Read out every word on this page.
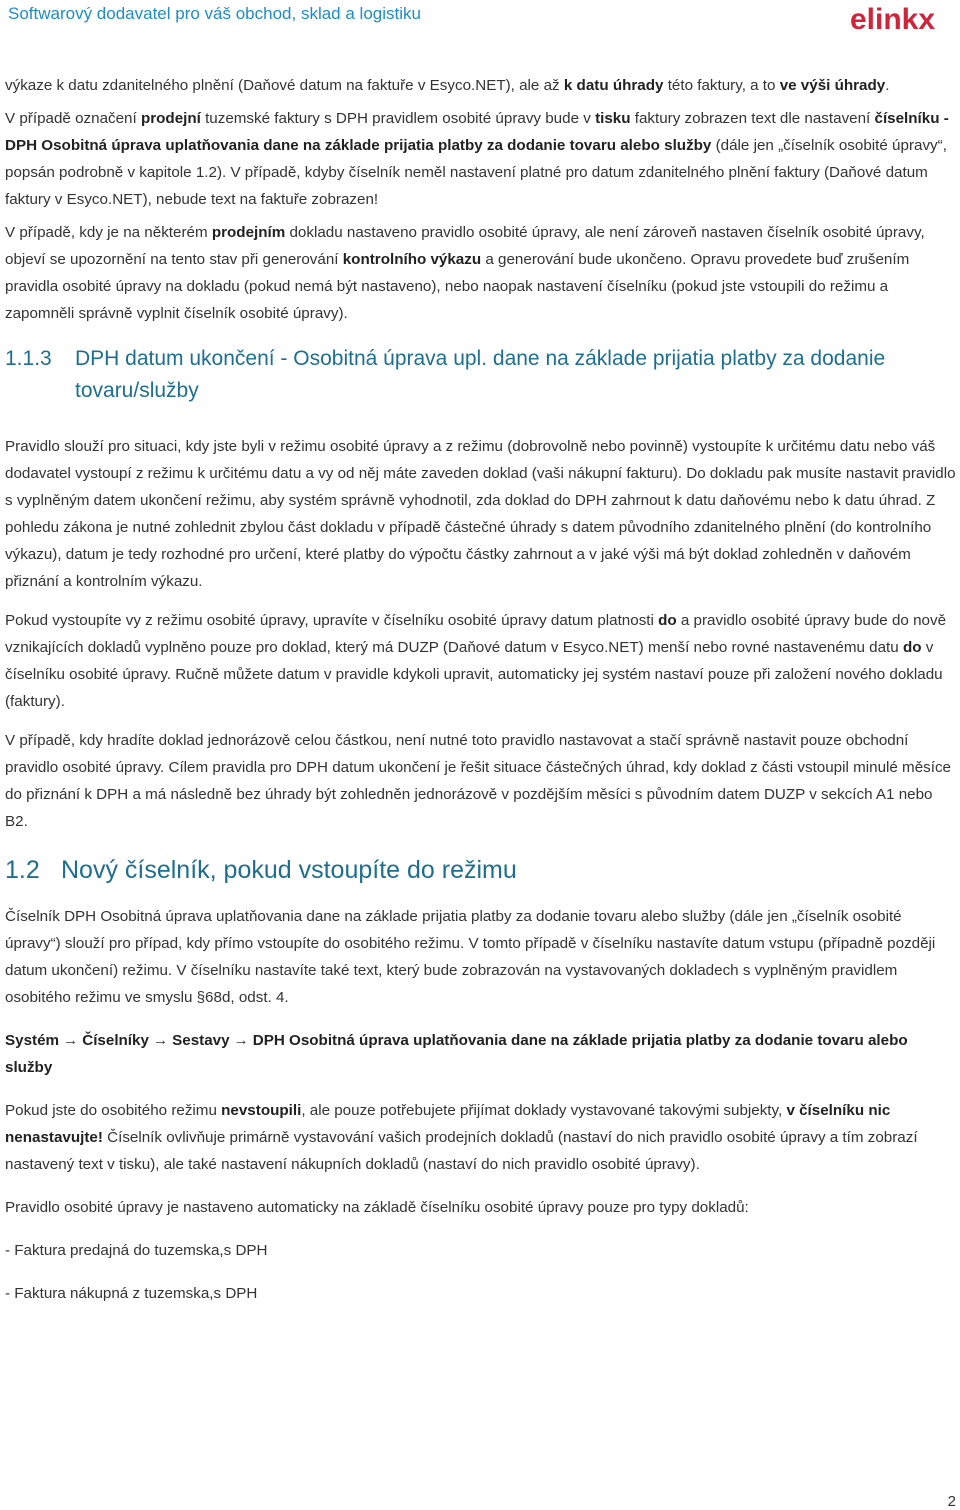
Softwarový dodavatel pro váš obchod, sklad a logistiku	elinkx

výkaze k datu zdanitelného plnění (Daňové datum na faktuře v Esyco.NET), ale až k datu úhrady této faktury, a to ve výši úhrady.

V případě označení prodejní tuzemské faktury s DPH pravidlem osobité úpravy bude v tisku faktury zobrazen text dle nastavení číselníku - DPH Osobitná úprava uplatňovania dane na základe prijatia platby za dodanie tovaru alebo služby (dále jen „číselník osobité úpravy“, popsán podrobně v kapitole 1.2). V případě, kdyby číselník neměl nastavení platné pro datum zdanitelného plnění faktury (Daňové datum faktury v Esyco.NET), nebude text na faktuře zobrazen!

V případě, kdy je na některém prodejním dokladu nastaveno pravidlo osobité úpravy, ale není zároveň nastaven číselník osobité úpravy, objeví se upozornění na tento stav při generování kontrolního výkazu a generování bude ukončeno. Opravu provedete buď zrušením pravidla osobité úpravy na dokladu (pokud nemá být nastaveno), nebo naopak nastavení číselníku (pokud jste vstoupili do režimu a zapomněli správně vyplnit číselník osobité úpravy).

1.1.3	DPH datum ukončení - Osobitná úprava upl. dane na základe prijatia platby za dodanie tovaru/služby

Pravidlo slouží pro situaci, kdy jste byli v režimu osobité úpravy a z režimu (dobrovolně nebo povinně) vystoupíte k určitému datu nebo váš dodavatel vystoupí z režimu k určitému datu a vy od něj máte zaveden doklad (vaši nákupní fakturu). Do dokladu pak musíte nastavit pravidlo s vyplněným datem ukončení režimu, aby systém správně vyhodnotil, zda doklad do DPH zahrnout k datu daňovému nebo k datu úhrad. Z pohledu zákona je nutné zohlednit zbylou část dokladu v případě částečné úhrady s datem původního zdanitelného plnění (do kontrolního výkazu), datum je tedy rozhodné pro určení, které platby do výpočtu částky zahrnout a v jaké výši má být doklad zohledněn v daňovém přiznání a kontrolním výkazu.

Pokud vystoupíte vy z režimu osobité úpravy, upravíte v číselníku osobité úpravy datum platnosti do a pravidlo osobité úpravy bude do nově vznikajících dokladů vyplněno pouze pro doklad, který má DUZP (Daňové datum v Esyco.NET) menší nebo rovné nastavenému datu do v číselníku osobité úpravy. Ručně můžete datum v pravidle kdykoli upravit, automaticky jej systém nastaví pouze při založení nového dokladu (faktury).

V případě, kdy hradíte doklad jednorázově celou částkou, není nutné toto pravidlo nastavovat a stačí správně nastavit pouze obchodní pravidlo osobité úpravy. Cílem pravidla pro DPH datum ukončení je řešit situace částečných úhrad, kdy doklad z části vstoupil minulé měsíce do přiznání k DPH a má následně bez úhrady být zohledněn jednorázově v pozdějším měsíci s původním datem DUZP v sekcích A1 nebo B2.

1.2 Nový číselník, pokud vstoupíte do režimu

Číselník DPH Osobitná úprava uplatňovania dane na základe prijatia platby za dodanie tovaru alebo služby (dále jen „číselník osobité úpravy“) slouží pro případ, kdy přímo vstoupíte do osobitého režimu. V tomto případě v číselníku nastavíte datum vstupu (případně později datum ukončení) režimu. V číselníku nastavíte také text, který bude zobrazován na vystavovaných dokladech s vyplněným pravidlem osobitého režimu ve smyslu §68d, odst. 4.

Systém → Číselníky → Sestavy → DPH Osobitná úprava uplatňovania dane na základe prijatia platby za dodanie tovaru alebo služby

Pokud jste do osobitého režimu nevstoupili, ale pouze potřebujete přijímat doklady vystavované takovými subjekty, v číselníku nic nenastavujte! Číselník ovlivňuje primárně vystavování vašich prodejních dokladů (nastaví do nich pravidlo osobité úpravy a tím zobrazí nastavený text v tisku), ale také nastavení nákupních dokladů (nastaví do nich pravidlo osobité úpravy).

Pravidlo osobité úpravy je nastaveno automaticky na základě číselníku osobité úpravy pouze pro typy dokladů:

- Faktura predajná do tuzemska,s DPH

- Faktura nákupná z tuzemska,s DPH

2
